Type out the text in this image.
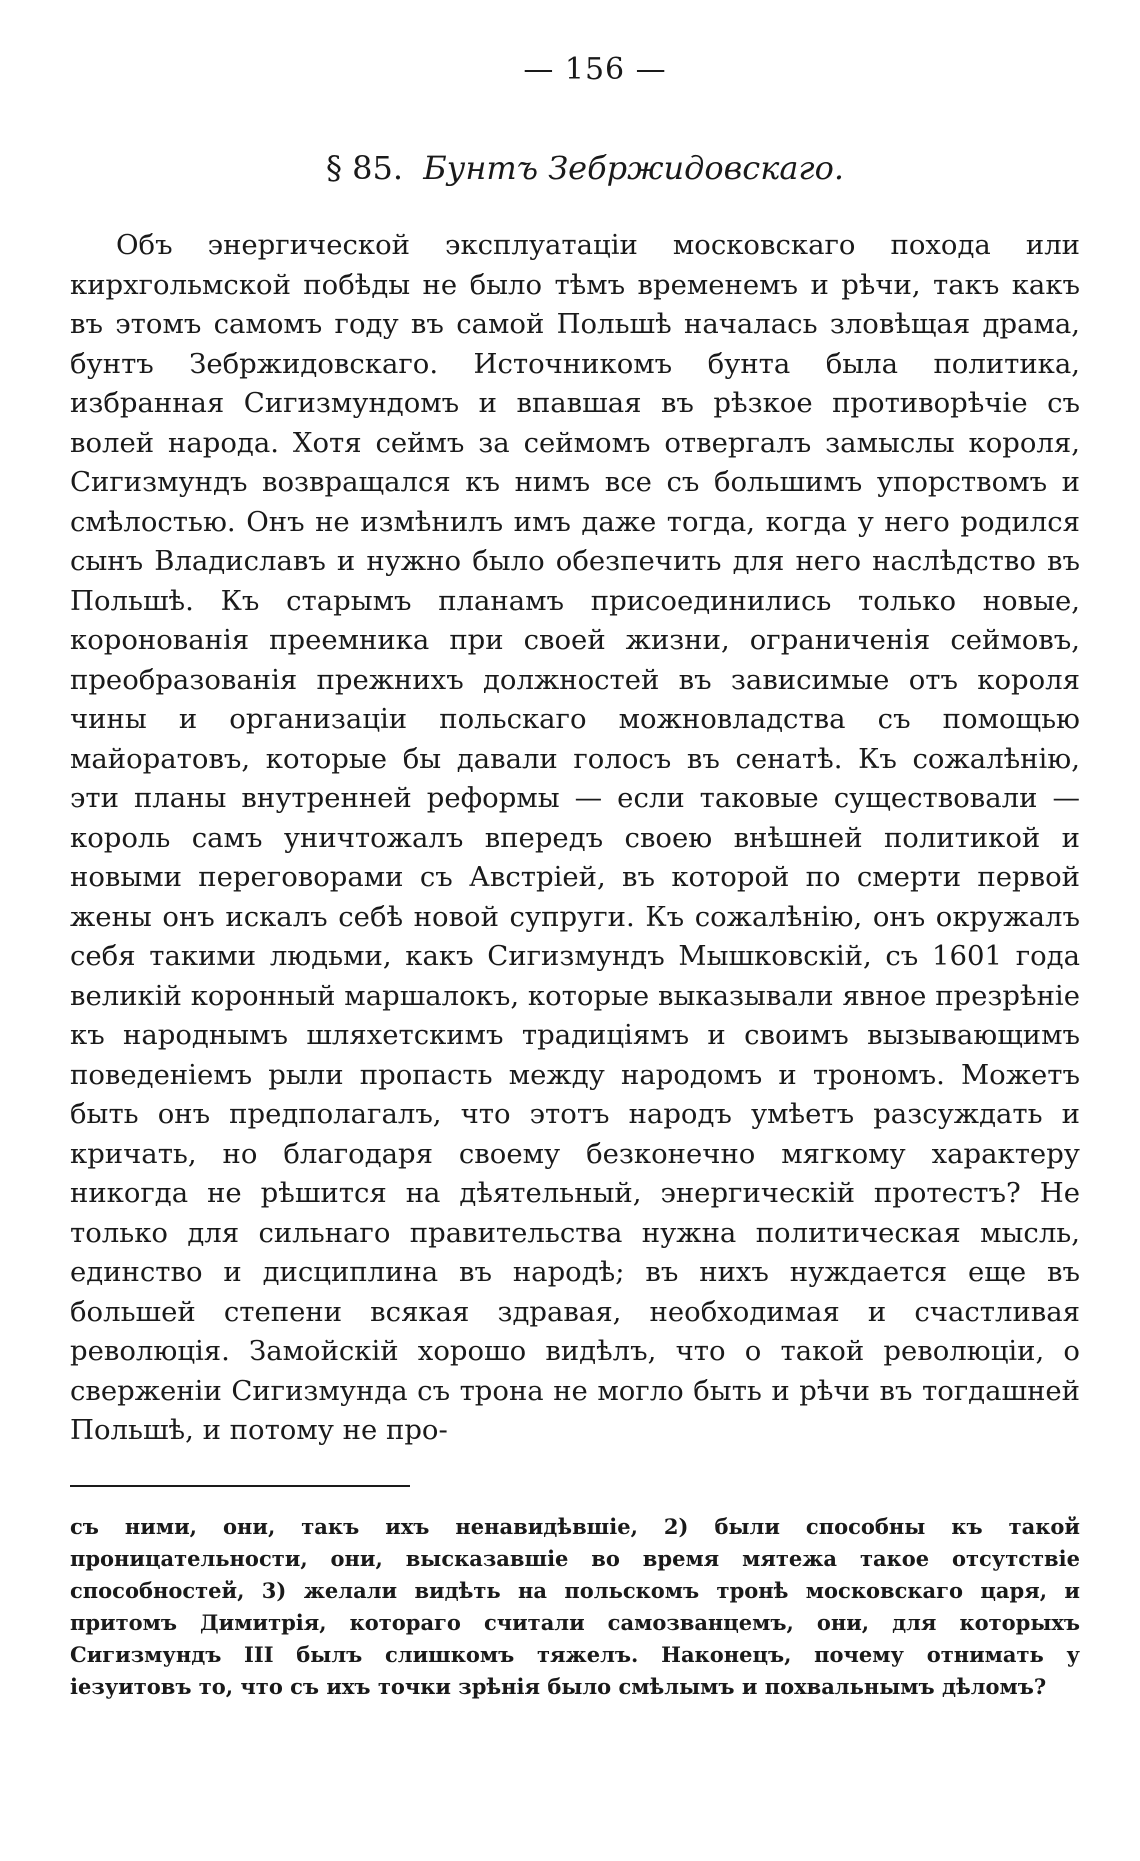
— 156 —
§ 85. Бунтъ Зебржидовскаго.

Объ энергической эксплуатаціи московскаго похода или кирхгольмской побѣды не было тѣмъ временемъ и рѣчи, такъ какъ въ этомъ самомъ году въ самой Польшѣ началась зловѣщая драма, бунтъ Зебржидовскаго. Источникомъ бунта была политика, избранная Сигизмундомъ и впавшая въ рѣзкое противорѣчіе съ волей народа. Хотя сеймъ за сеймомъ отвергалъ замыслы короля, Сигизмундъ возвращался къ нимъ все съ большимъ упорствомъ и смѣлостью. Онъ не измѣнилъ имъ даже тогда, когда у него родился сынъ Владиславъ и нужно было обезпечить для него наслѣдство въ Польшѣ. Къ старымъ планамъ присоединились только новые, коронованія преемника при своей жизни, ограниченія сеймовъ, преобразованія прежнихъ должностей въ зависимые отъ короля чины и организаціи польскаго можновладства съ помощью майоратовъ, которые бы давали голосъ въ сенатѣ. Къ сожалѣнію, эти планы внутренней реформы — если таковые существовали — король самъ уничтожалъ впередъ своею внѣшней политикой и новыми переговорами съ Австріей, въ которой по смерти первой жены онъ искалъ себѣ новой супруги. Къ сожалѣнію, онъ окружалъ себя такими людьми, какъ Сигизмундъ Мышковскій, съ 1601 года великій коронный маршалокъ, которые выказывали явное презрѣніе къ народнымъ шляхетскимъ традиціямъ и своимъ вызывающимъ поведеніемъ рыли пропасть между народомъ и трономъ. Можетъ быть онъ предполагалъ, что этотъ народъ умѣетъ разсуждать и кричать, но благодаря своему безконечно мягкому характеру никогда не рѣшится на дѣятельный, энергическій протестъ? Не только для сильнаго правительства нужна политическая мысль, единство и дисциплина въ народѣ; въ нихъ нуждается еще въ большей степени всякая здравая, необходимая и счастливая революція. Замойскій хорошо видѣлъ, что о такой революціи, о сверженіи Сигизмунда съ трона не могло быть и рѣчи въ тогдашней Польшѣ, и потому не про-

съ ними, они, такъ ихъ ненавидѣвшіе, 2) были способны къ такой проницательности, они, высказавшіе во время мятежа такое отсутствіе способностей, 3) желали видѣть на польскомъ тронѣ московскаго царя, и притомъ Димитрія, котораго считали самозванцемъ, они, для которыхъ Сигизмундъ III былъ слишкомъ тяжелъ. Наконецъ, почему отнимать у іезуитовъ то, что съ ихъ точки зрѣнія было смѣлымъ и похвальнымъ дѣломъ?
